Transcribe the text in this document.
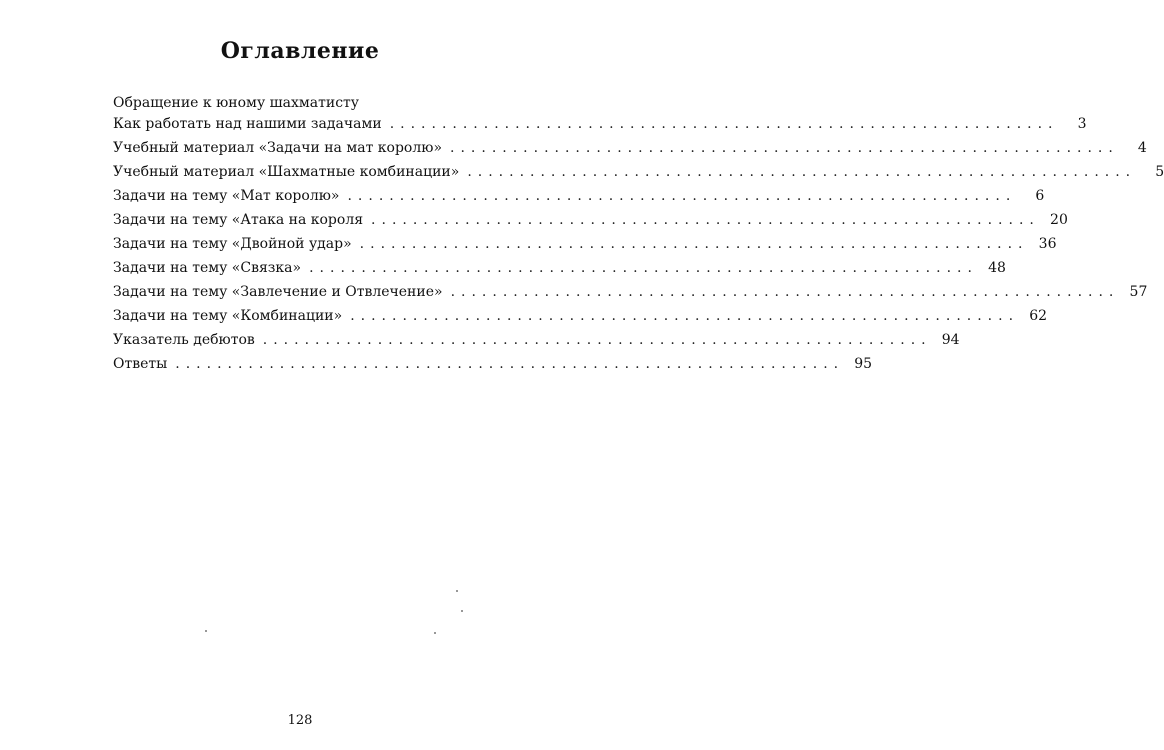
Оглавление
Обращение к юному шахматисту
Как работать над нашими задачами ................................................................	3
Учебный материал «Задачи на мат королю» ................................................................	4
Учебный материал «Шахматные комбинации» ................................................................	5
Задачи на тему «Мат королю» ................................................................	6
Задачи на тему «Атака на короля ................................................................ 20
Задачи на тему «Двойной удар» ................................................................ 36
Задачи на тему «Связка» ................................................................ 48
Задачи на тему «Завлечение и Отвлечение» ................................................................ 57
Задачи на тему «Комбинации» ................................................................ 62
Указатель дебютов ................................................................ 94
Ответы ................................................................ 95
128
